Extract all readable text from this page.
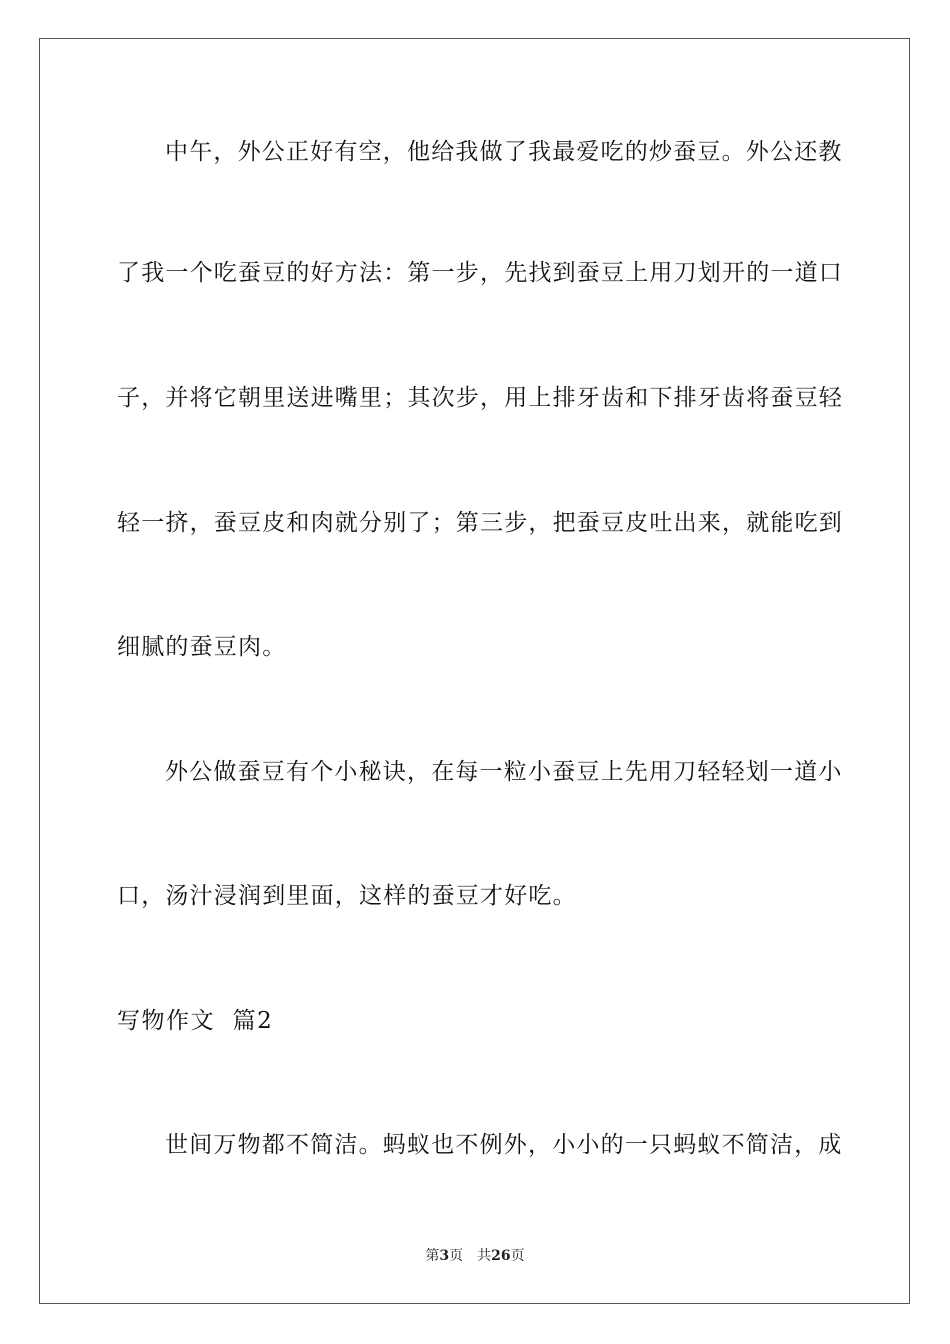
中午，外公正好有空，他给我做了我最爱吃的炒蚕豆。外公还教
了我一个吃蚕豆的好方法：第一步，先找到蚕豆上用刀划开的一道口
子，并将它朝里送进嘴里；其次步，用上排牙齿和下排牙齿将蚕豆轻
轻一挤，蚕豆皮和肉就分别了；第三步，把蚕豆皮吐出来，就能吃到
细腻的蚕豆肉。
外公做蚕豆有个小秘诀，在每一粒小蚕豆上先用刀轻轻划一道小
口，汤汁浸润到里面，这样的蚕豆才好吃。
写物作文  篇2
世间万物都不简洁。蚂蚁也不例外，小小的一只蚂蚁不简洁，成
第3页 共26页
